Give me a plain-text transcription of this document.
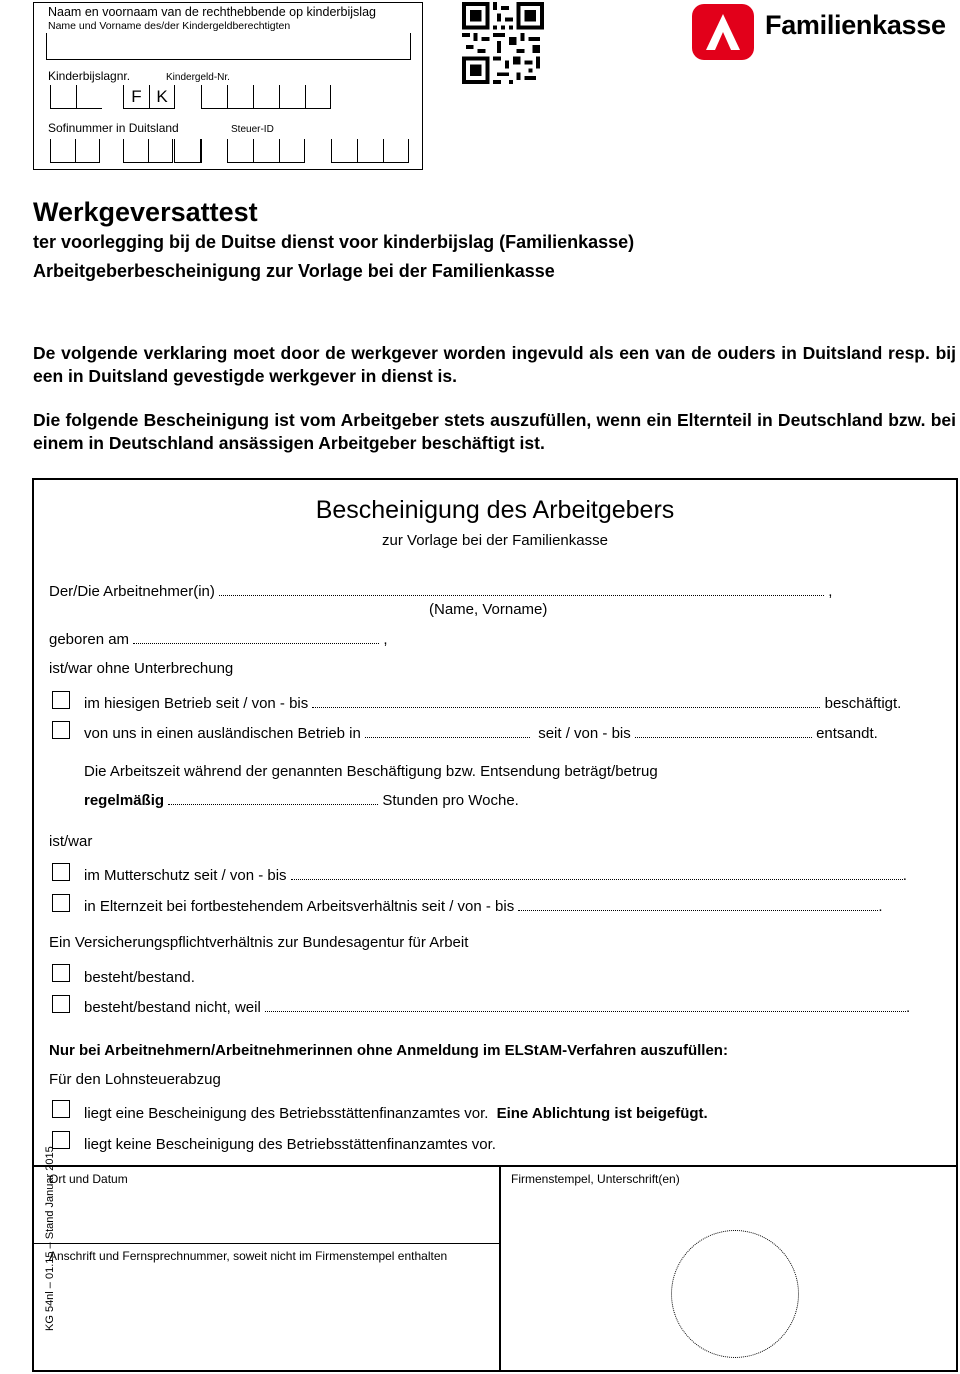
Naam en voornaam van de rechthebbende op kinderbijslag
Name und Vorname des/der Kindergeldberechtigten
Kinderbijslagnr.	Kindergeld-Nr.
F K
Sofinummer in Duitsland	Steuer-ID
Familienkasse
Werkgeversattest
ter voorlegging bij de Duitse dienst voor kinderbijslag (Familienkasse)
Arbeitgeberbescheinigung zur Vorlage bei der Familienkasse
De volgende verklaring moet door de werkgever worden ingevuld als een van de ouders in Duitsland resp. bij een in Duitsland gevestigde werkgever in dienst is.
Die folgende Bescheinigung ist vom Arbeitgeber stets auszufüllen, wenn ein Elternteil in Deutschland bzw. bei einem in Deutschland ansässigen Arbeitgeber beschäftigt ist.
Bescheinigung des Arbeitgebers
zur Vorlage bei der Familienkasse
Der/Die Arbeitnehmer(in)	,
(Name, Vorname)
geboren am	,
ist/war ohne Unterbrechung
im hiesigen Betrieb seit / von - bis	beschäftigt.
von uns in einen ausländischen Betrieb in	seit / von - bis	entsandt.
Die Arbeitszeit während der genannten Beschäftigung bzw. Entsendung beträgt/betrug
regelmäßig	Stunden pro Woche.
ist/war
im Mutterschutz seit / von - bis	.
in Elternzeit bei fortbestehendem Arbeitsverhältnis seit / von - bis	.
Ein Versicherungspflichtverhältnis zur Bundesagentur für Arbeit
besteht/bestand.
besteht/bestand nicht, weil	.
Nur bei Arbeitnehmern/Arbeitnehmerinnen ohne Anmeldung im ELStAM-Verfahren auszufüllen:
Für den Lohnsteuerabzug
liegt eine Bescheinigung des Betriebsstättenfinanzamtes vor. Eine Ablichtung ist beigefügt.
liegt keine Bescheinigung des Betriebsstättenfinanzamtes vor.
Ort und Datum	Firmenstempel, Unterschrift(en)
Anschrift und Fernsprechnummer, soweit nicht im Firmenstempel enthalten
KG 54nl – 01.15 – Stand Januar 2015
